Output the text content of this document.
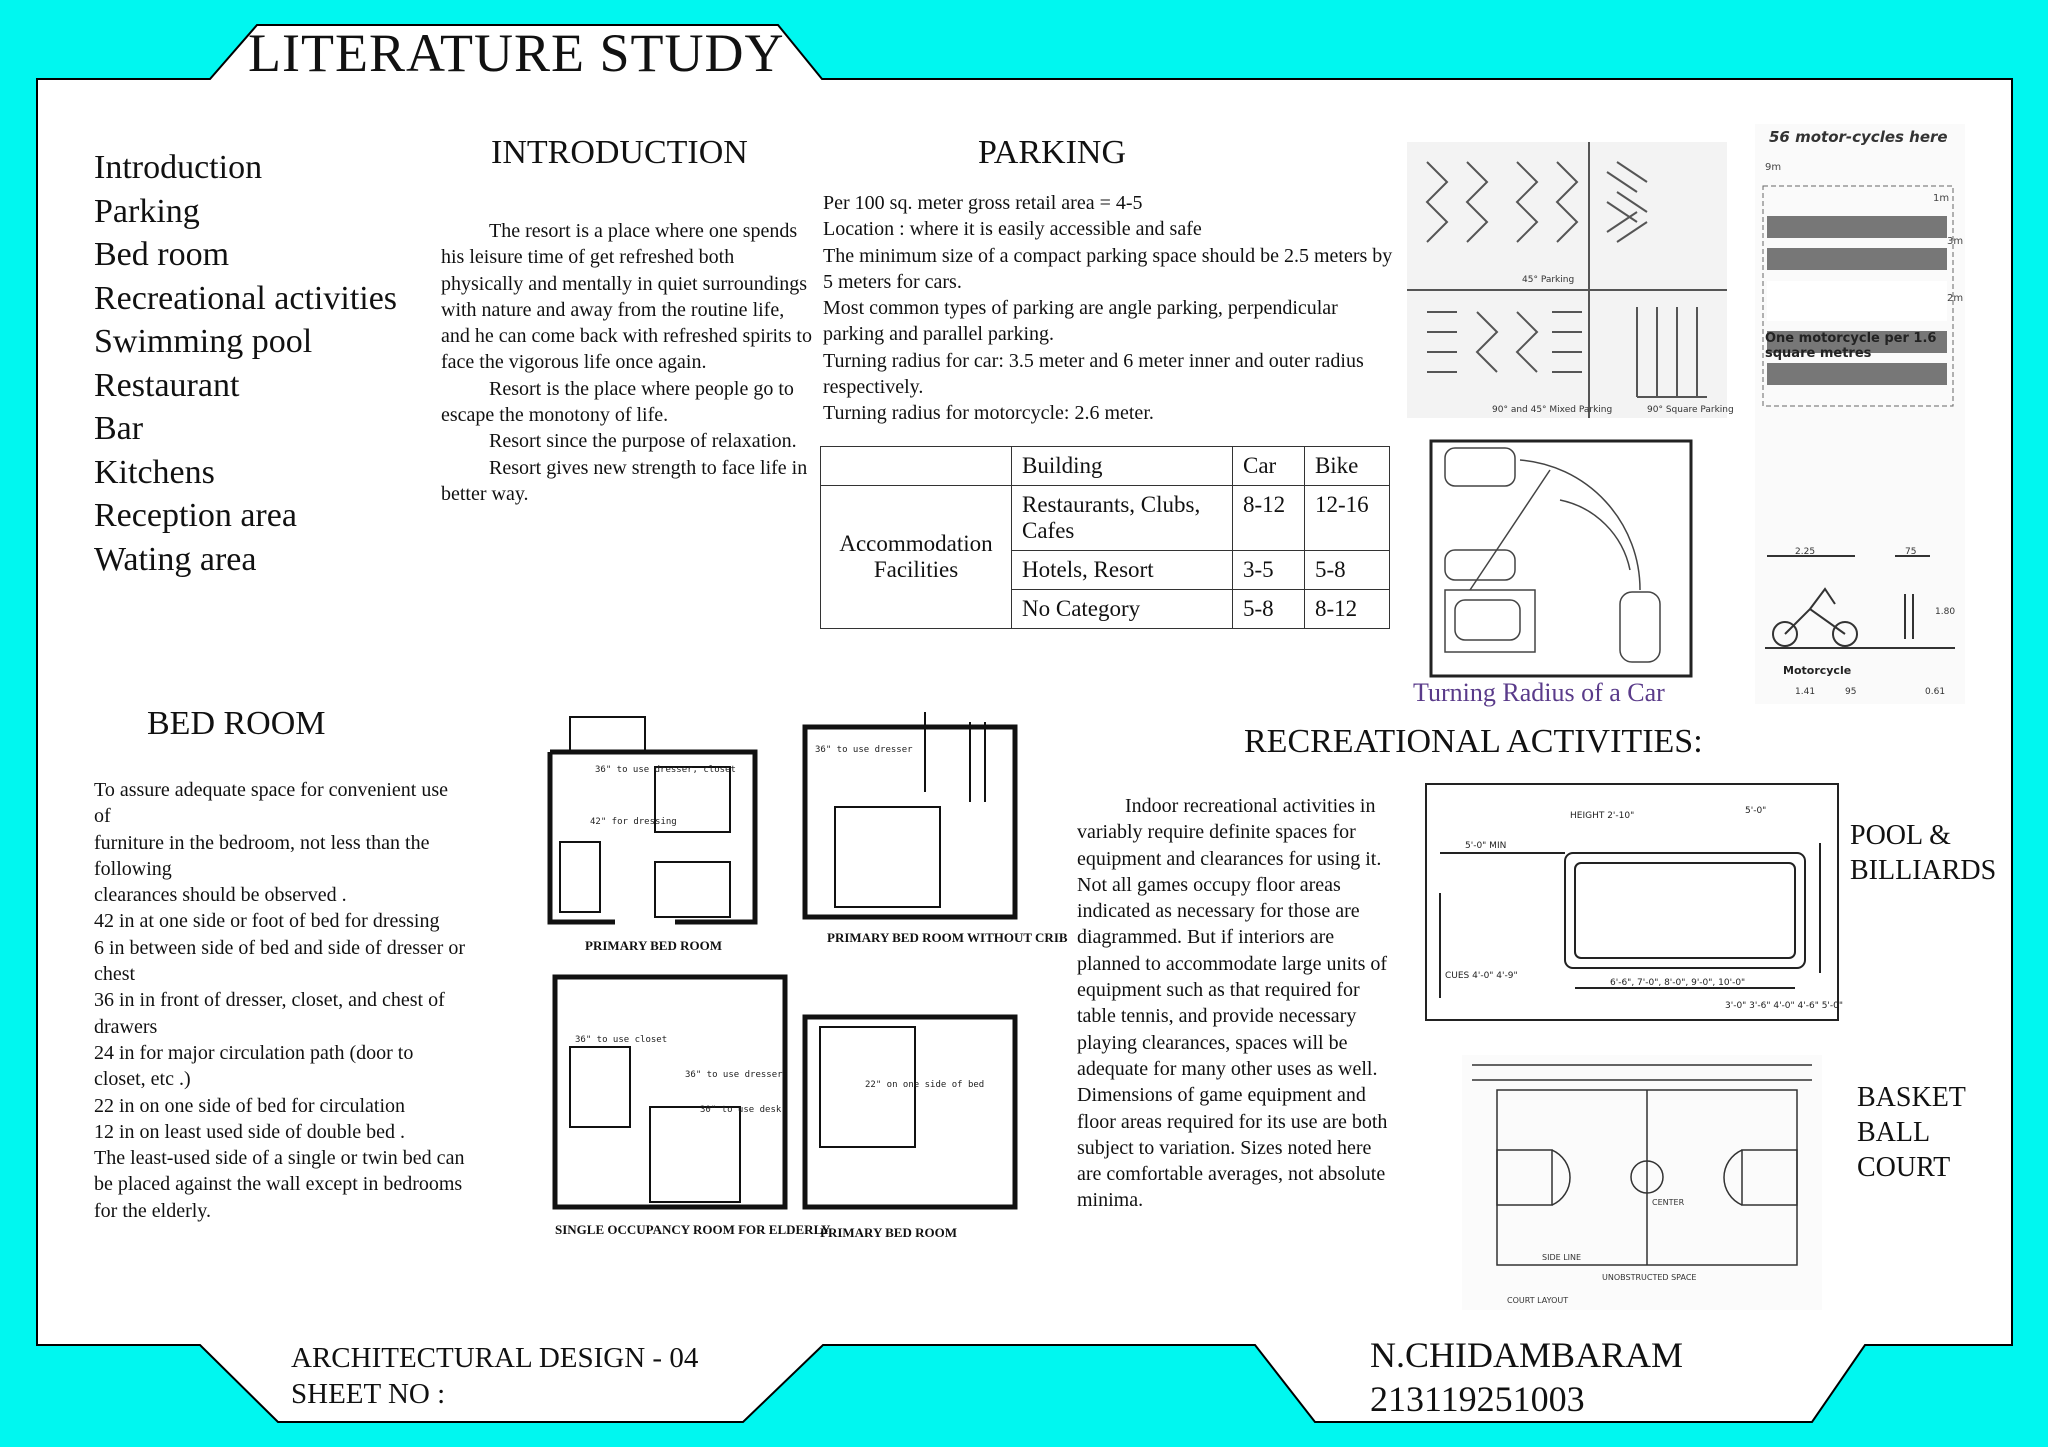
LITERATURE STUDY
Introduction
Parking
Bed room
Recreational activities
Swimming pool
Restaurant
Bar
Kitchens
Reception area
Wating area
INTRODUCTION

The resort is a place where one spends his leisure time of get refreshed both physically and mentally in quiet surroundings with nature and away from the routine life, and he can come back with refreshed spirits to face the vigorous life once again.

Resort is the place where people go to escape the monotony of life.

Resort since the purpose of relaxation.

Resort gives new strength to face life in better way.

PARKING

Per 100 sq. meter gross retail area = 4-5

Location : where it is easily accessible and safe

The minimum size of a compact parking space should be 2.5 meters by 5 meters for cars.

Most common types of parking are angle parking, perpendicular parking and parallel parking.

Turning radius for car: 3.5 meter and 6 meter inner and outer radius respectively.

Turning radius for motorcycle: 2.6 meter.

	Building	Car	Bike
Accommodation Facilities	Restaurants, Clubs, Cafes	8-12	12-16
	Hotels, Resort	3-5	5-8
	No Category	5-8	8-12
45° Parking
90° and 45° Mixed Parking	90° Square Parking
Turning Radius of a Car
56 motor-cycles here
9m
1m
3m
2m
One motorcycle per 1.6 square metres
2.25	75
1.80
Motorcycle
0.61
1.41	95
BED ROOM

To assure adequate space for convenient use of

furniture in the bedroom, not less than the following

clearances should be observed .

42 in at one side or foot of bed for dressing

6 in between side of bed and side of dresser or chest

36 in in front of dresser, closet, and chest of drawers

24 in for major circulation path (door to closet, etc .)

22 in on one side of bed for circulation

12 in on least used side of double bed .

The least-used side of a single or twin bed can be placed against the wall except in bedrooms for the elderly.

36" to use dresser, closet
42" for dressing
36" to use dresser
22" on one side of bed
36" to use closet
36" to use dresser
30" to use desk
PRIMARY BED ROOM
PRIMARY BED ROOM WITHOUT CRIB
SINGLE OCCUPANCY ROOM FOR ELDERLY
PRIMARY BED ROOM
RECREATIONAL ACTIVITIES:

Indoor recreational activities in variably require definite spaces for equipment and clearances for using it. Not all games occupy floor areas indicated as necessary for those are diagrammed. But if interiors are planned to accommodate large units of equipment such as that required for table tennis, and provide necessary playing clearances, spaces will be adequate for many other uses as well. Dimensions of game equipment and floor areas required for its use are both subject to variation. Sizes noted here are comfortable averages, not absolute minima.

HEIGHT 2'-10"	5'-0"
5'-0" MIN
6'-6", 7'-0", 8'-0", 9'-0", 10'-0"
3'-0" 3'-6" 4'-0" 4'-6" 5'-0"
CUES 4'-0" 4'-9"
POOL &
BILLIARDS
COURT LAYOUT
UNOBSTRUCTED SPACE
CENTER
SIDE LINE
BASKET
BALL
COURT
ARCHITECTURAL DESIGN - 04
SHEET NO :
N.CHIDAMBARAM
213119251003
